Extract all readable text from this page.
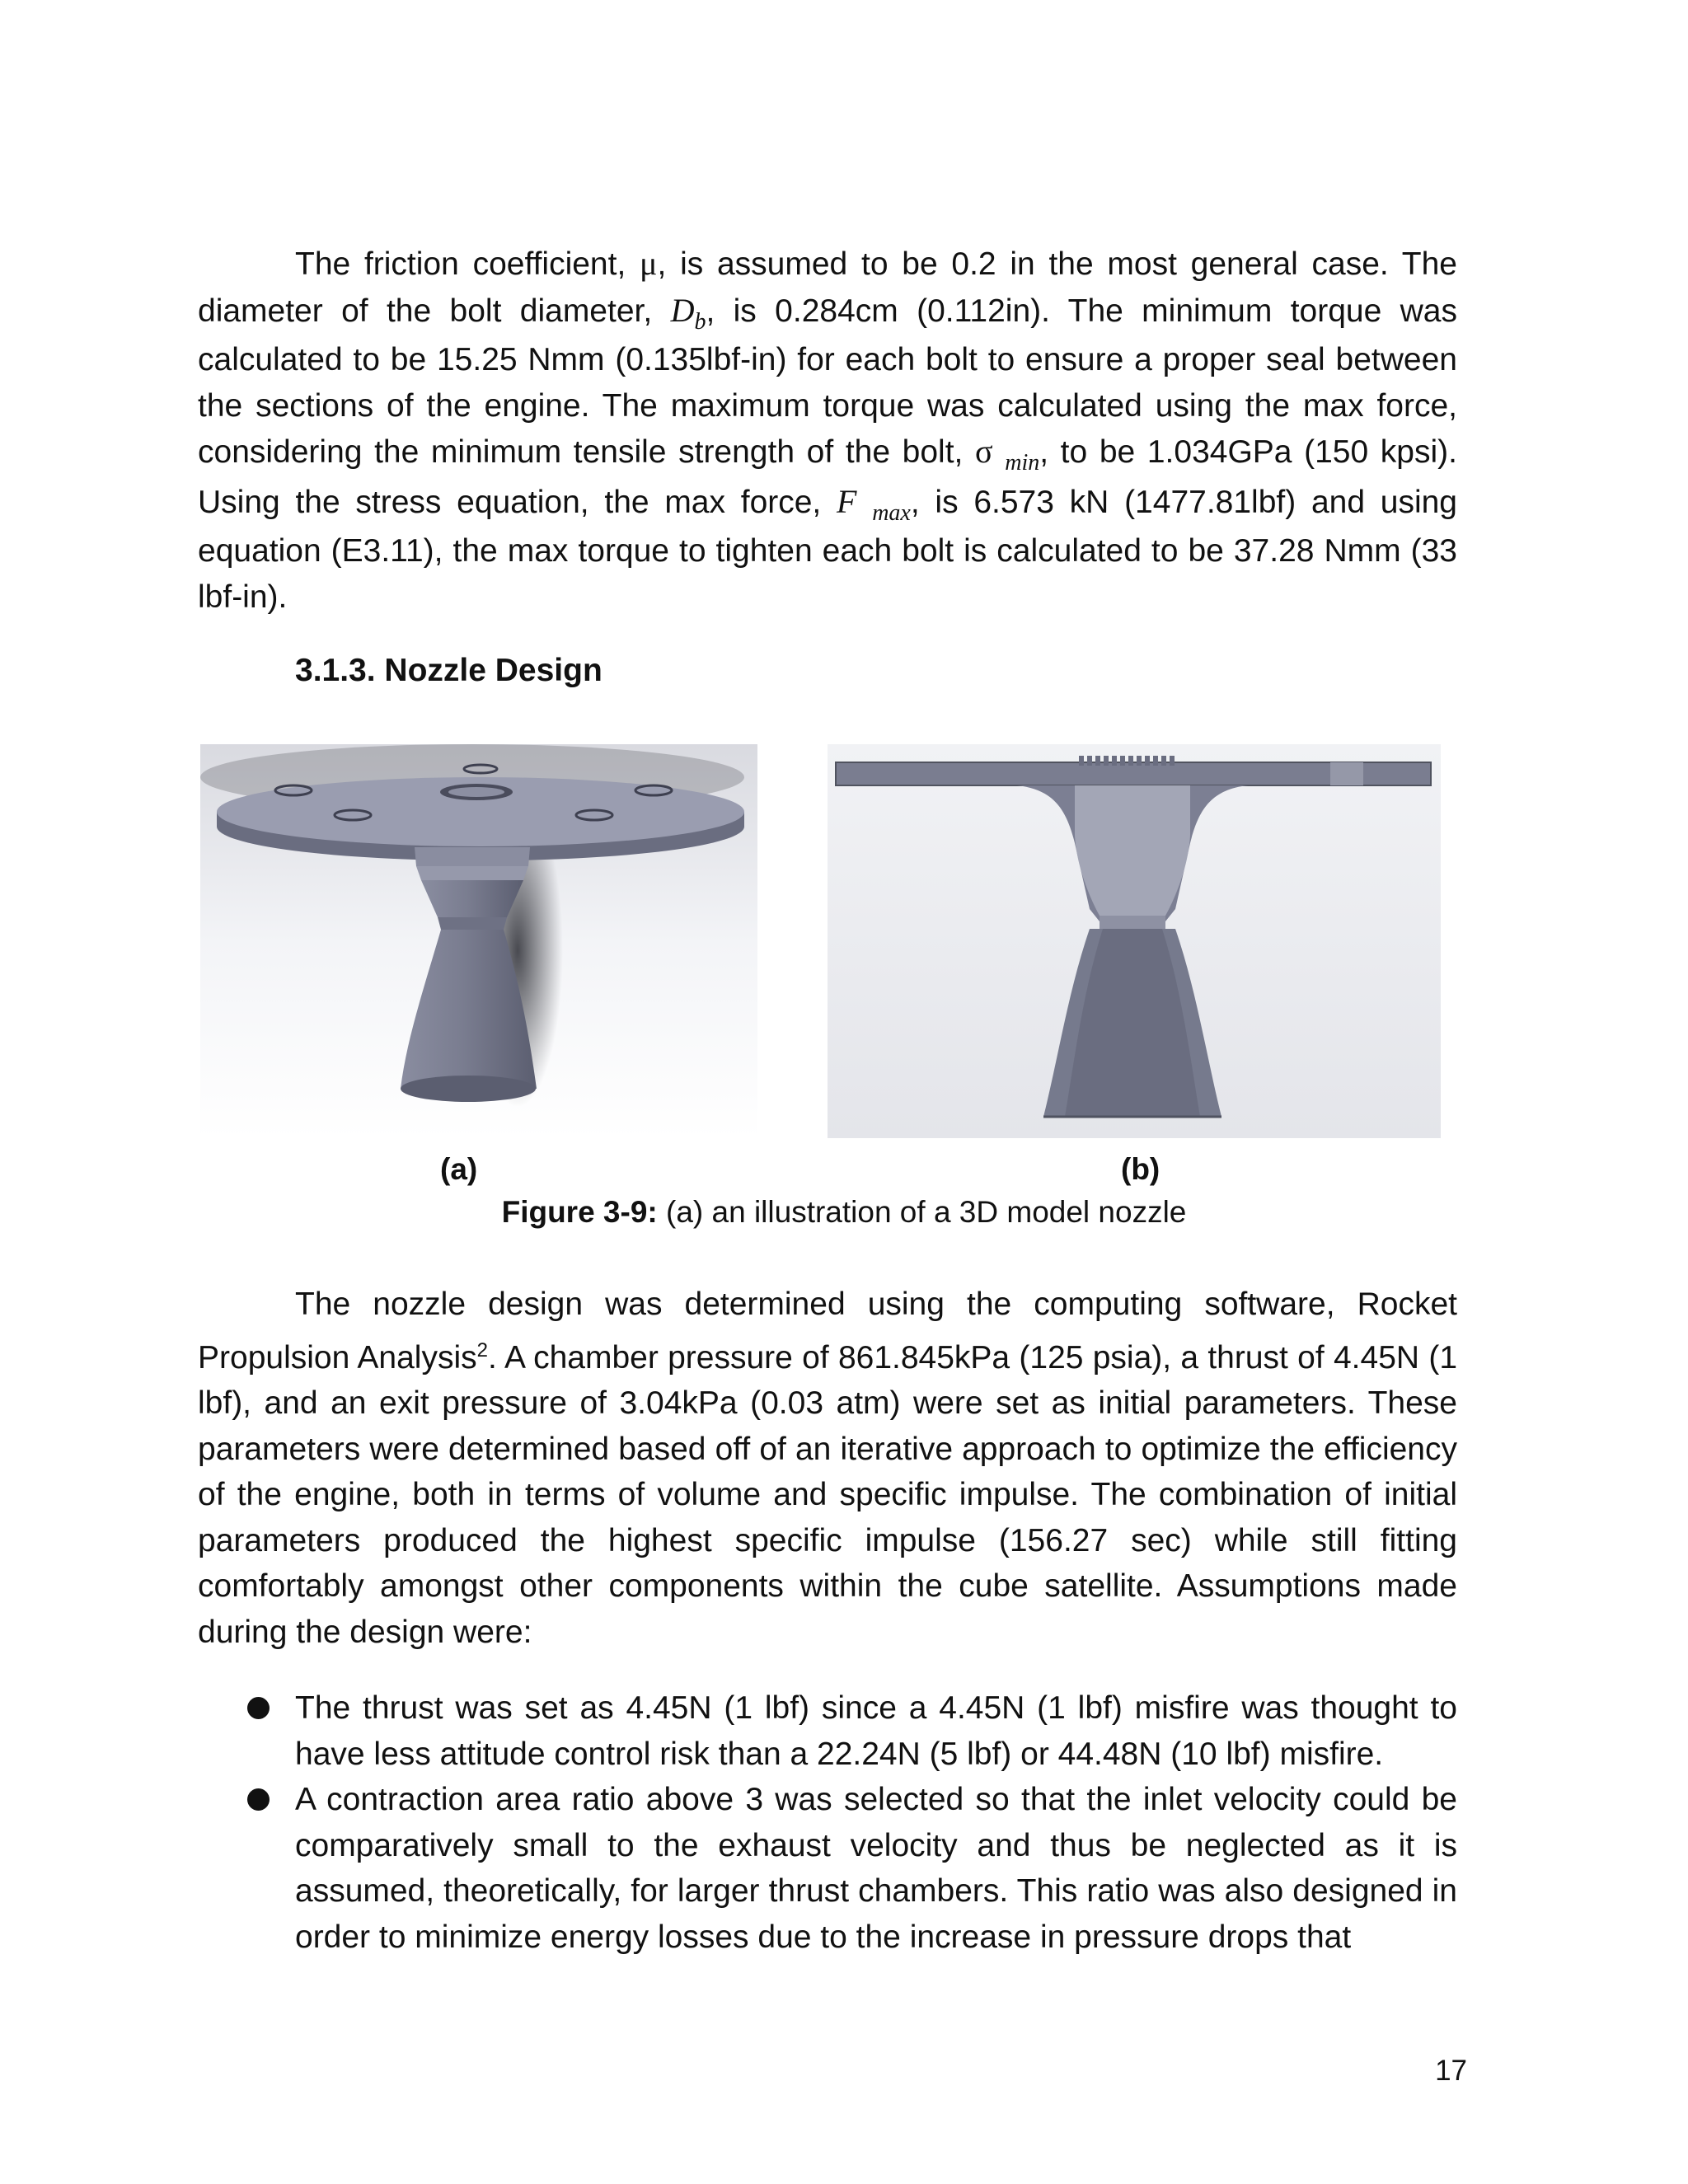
The friction coefficient, μ, is assumed to be 0.2 in the most general case. The diameter of the bolt diameter, $D_b$, is 0.284cm (0.112in). The minimum torque was calculated to be 15.25 Nmm (0.135lbf-in) for each bolt to ensure a proper seal between the sections of the engine. The maximum torque was calculated using the max force, considering the minimum tensile strength of the bolt, σ $_{min}$, to be 1.034GPa (150 kpsi). Using the stress equation, the max force, F $_{max}$, is 6.573 kN (1477.81lbf) and using equation (E3.11), the max torque to tighten each bolt is calculated to be 37.28 Nmm (33 lbf-in).

3.1.3. Nozzle Design

(a)	(b)

Figure 3-9: (a) an illustration of a 3D model nozzle

The nozzle design was determined using the computing software, Rocket Propulsion Analysis$^2$. A chamber pressure of 861.845kPa (125 psia), a thrust of 4.45N (1 lbf), and an exit pressure of 3.04kPa (0.03 atm) were set as initial parameters. These parameters were determined based off of an iterative approach to optimize the efficiency of the engine, both in terms of volume and specific impulse. The combination of initial parameters produced the highest specific impulse (156.27 sec) while still fitting comfortably amongst other components within the cube satellite. Assumptions made during the design were:

The thrust was set as 4.45N (1 lbf) since a 4.45N (1 lbf) misfire was thought to have less attitude control risk than a 22.24N (5 lbf) or 44.48N (10 lbf) misfire.
A contraction area ratio above 3 was selected so that the inlet velocity could be comparatively small to the exhaust velocity and thus be neglected as it is assumed, theoretically, for larger thrust chambers. This ratio was also designed in order to minimize energy losses due to the increase in pressure drops that

17
